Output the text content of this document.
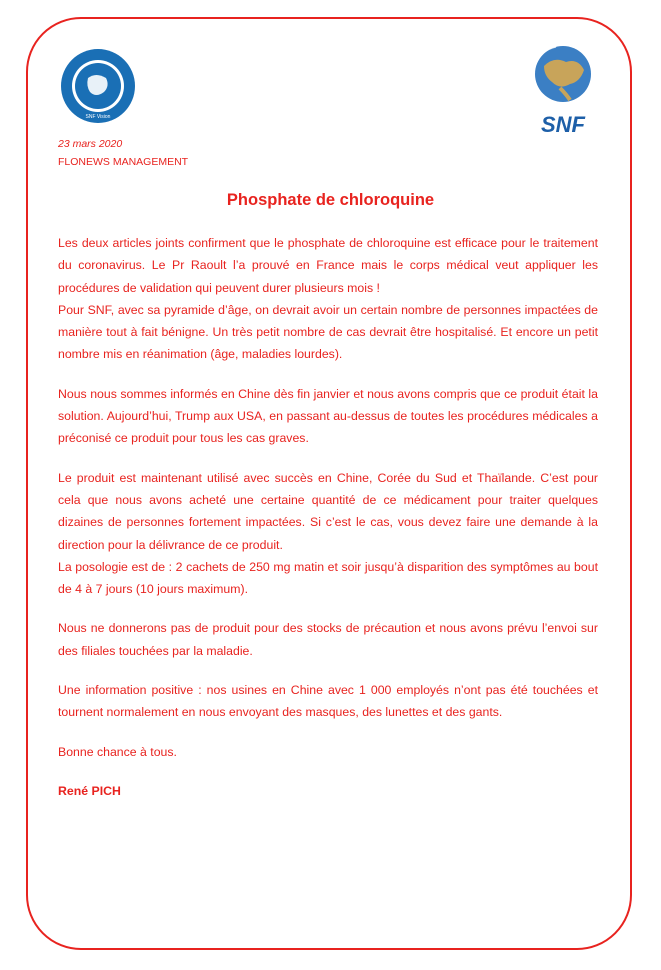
SNF Vision	SNF
23 mars 2020
FLONEWS MANAGEMENT
Phosphate de chloroquine

Les deux articles joints confirment que le phosphate de chloroquine est efficace pour le traitement du coronavirus. Le Pr Raoult l’a prouvé en France mais le corps médical veut appliquer les procédures de validation qui peuvent durer plusieurs mois !

Pour SNF, avec sa pyramide d’âge, on devrait avoir un certain nombre de personnes impactées de manière tout à fait bénigne. Un très petit nombre de cas devrait être hospitalisé. Et encore un petit nombre mis en réanimation (âge, maladies lourdes).

Nous nous sommes informés en Chine dès fin janvier et nous avons compris que ce produit était la solution. Aujourd’hui, Trump aux USA, en passant au-dessus de toutes les procédures médicales a préconisé ce produit pour tous les cas graves.

Le produit est maintenant utilisé avec succès en Chine, Corée du Sud et Thaïlande. C’est pour cela que nous avons acheté une certaine quantité de ce médicament pour traiter quelques dizaines de personnes fortement impactées. Si c’est le cas, vous devez faire une demande à la direction pour la délivrance de ce produit.

La posologie est de : 2 cachets de 250 mg matin et soir jusqu’à disparition des symptômes au bout de 4 à 7 jours (10 jours maximum).

Nous ne donnerons pas de produit pour des stocks de précaution et nous avons prévu l’envoi sur des filiales touchées par la maladie.

Une information positive : nos usines en Chine avec 1 000 employés n’ont pas été touchées et tournent normalement en nous envoyant des masques, des lunettes et des gants.

Bonne chance à tous.

René PICH
